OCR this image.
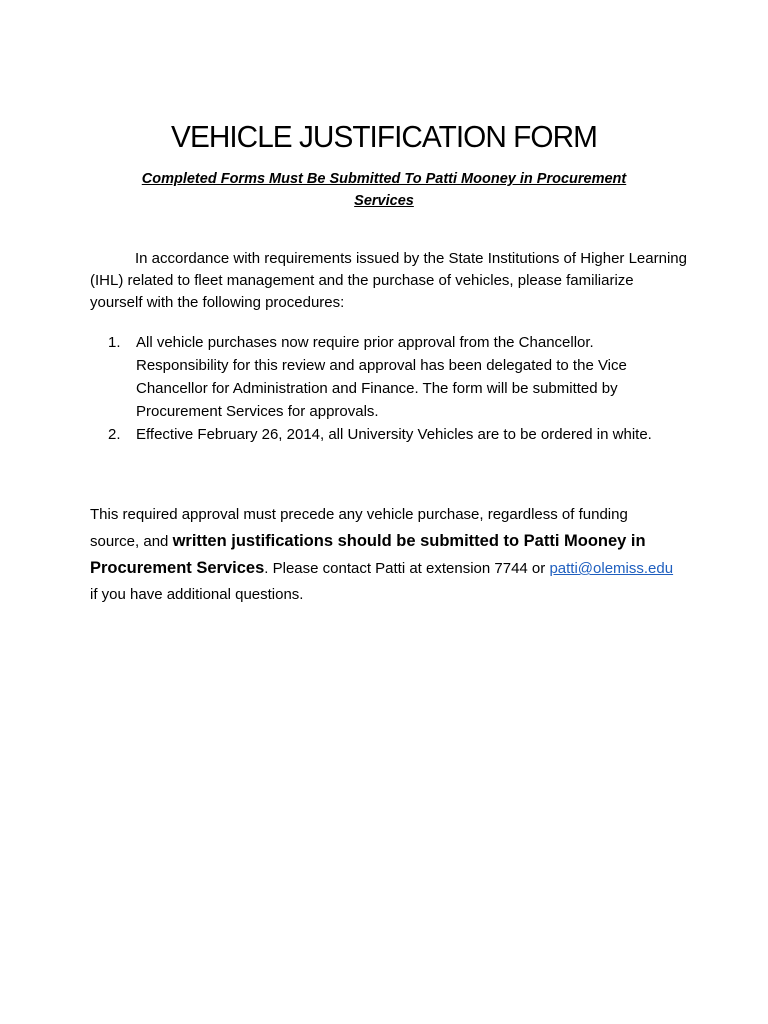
VEHICLE JUSTIFICATION FORM
Completed Forms Must Be Submitted To Patti Mooney in Procurement Services

In accordance with requirements issued by the State Institutions of Higher Learning (IHL) related to fleet management and the purchase of vehicles, please familiarize yourself with the following procedures:

1. All vehicle purchases now require prior approval from the Chancellor. Responsibility for this review and approval has been delegated to the Vice Chancellor for Administration and Finance. The form will be submitted by Procurement Services for approvals.
2. Effective February 26, 2014, all University Vehicles are to be ordered in white.

This required approval must precede any vehicle purchase, regardless of funding source, and written justifications should be submitted to Patti Mooney in Procurement Services. Please contact Patti at extension 7744 or patti@olemiss.edu if you have additional questions.
